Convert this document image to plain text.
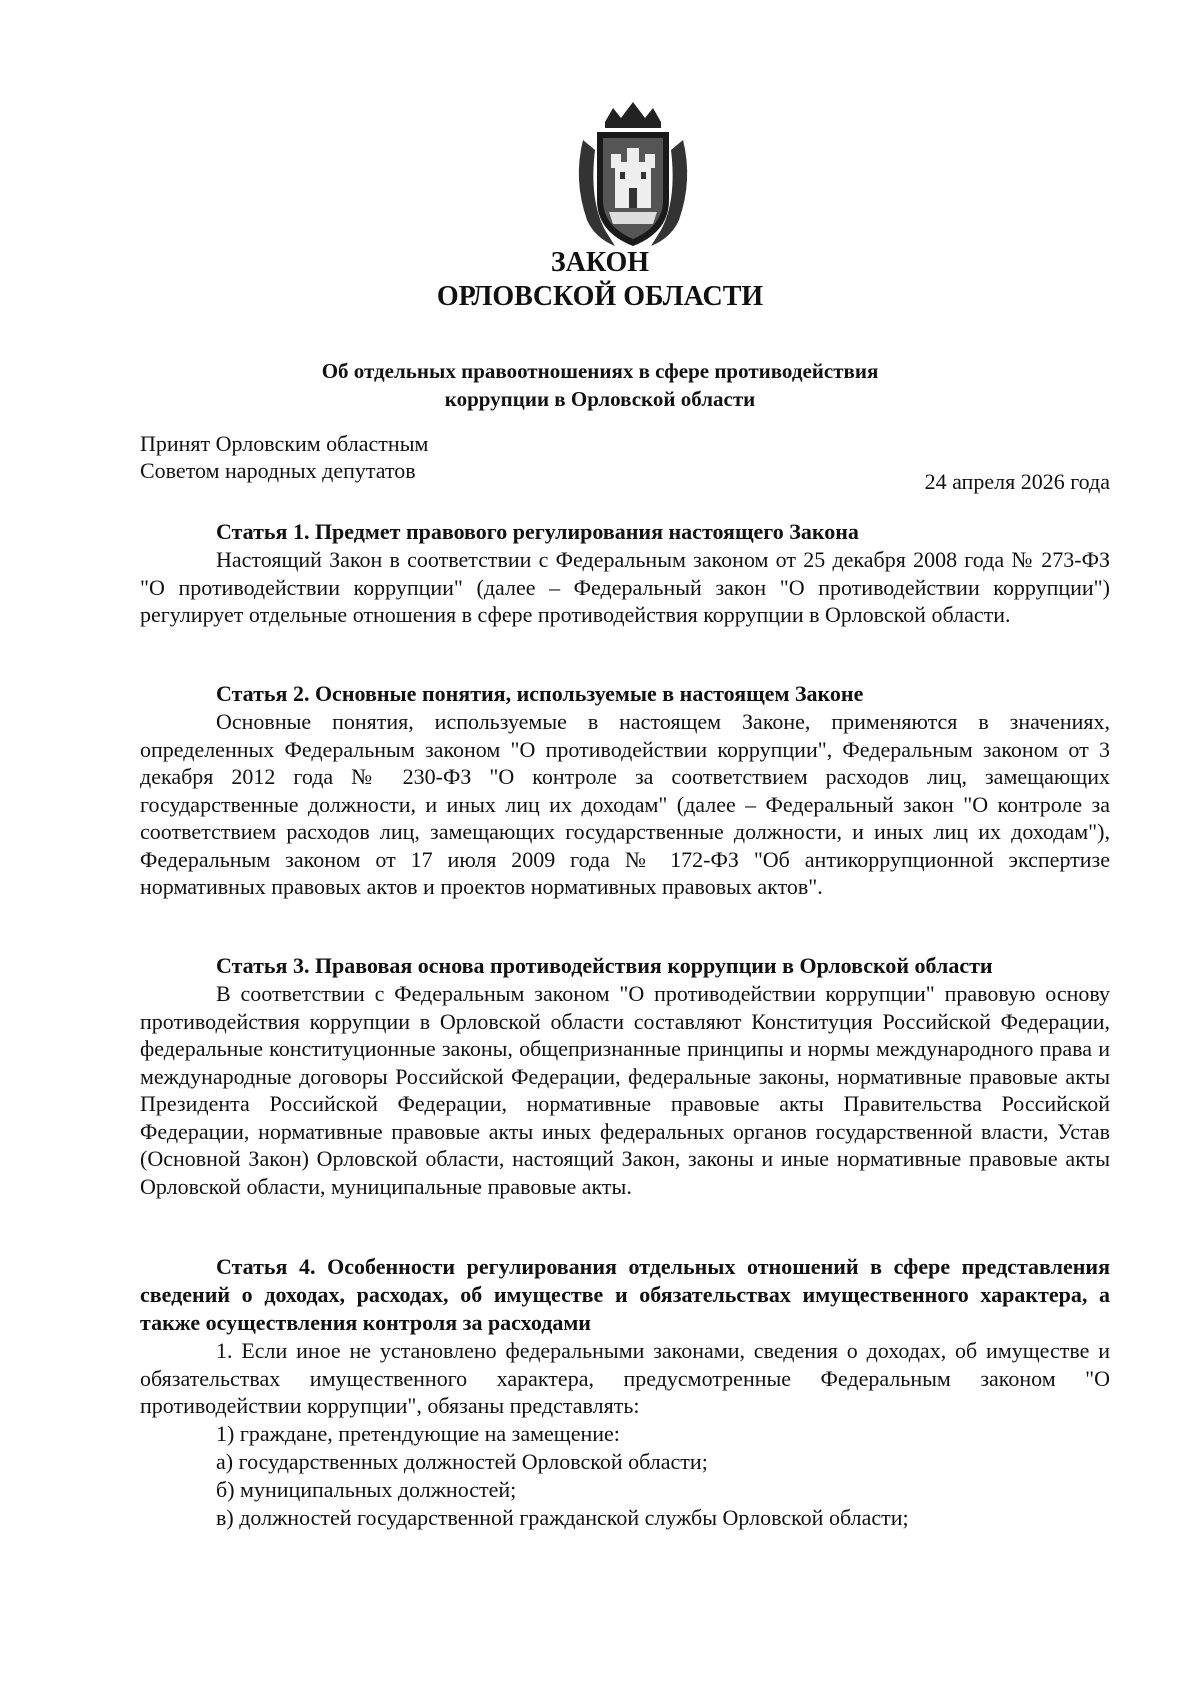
ЗАКОН
ОРЛОВСКОЙ ОБЛАСТИ
Об отдельных правоотношениях в сфере противодействия
коррупции в Орловской области
Принят Орловским областным
Советом народных депутатов	24 апреля 2026 года
Статья 1. Предмет правового регулирования настоящего Закона

Настоящий Закон в соответствии с Федеральным законом от 25 декабря 2008 года № 273-ФЗ "О противодействии коррупции" (далее – Федеральный закон "О противодействии коррупции") регулирует отдельные отношения в сфере противодействия коррупции в Орловской области.

Статья 2. Основные понятия, используемые в настоящем Законе

Основные понятия, используемые в настоящем Законе, применяются в значениях, определенных Федеральным законом "О противодействии коррупции", Федеральным законом от 3 декабря 2012 года № 230-ФЗ "О контроле за соответствием расходов лиц, замещающих государственные должности, и иных лиц их доходам" (далее – Федеральный закон "О контроле за соответствием расходов лиц, замещающих государственные должности, и иных лиц их доходам"), Федеральным законом от 17 июля 2009 года № 172-ФЗ "Об антикоррупционной экспертизе нормативных правовых актов и проектов нормативных правовых актов".

Статья 3. Правовая основа противодействия коррупции в Орловской области

В соответствии с Федеральным законом "О противодействии коррупции" правовую основу противодействия коррупции в Орловской области составляют Конституция Российской Федерации, федеральные конституционные законы, общепризнанные принципы и нормы международного права и международные договоры Российской Федерации, федеральные законы, нормативные правовые акты Президента Российской Федерации, нормативные правовые акты Правительства Российской Федерации, нормативные правовые акты иных федеральных органов государственной власти, Устав (Основной Закон) Орловской области, настоящий Закон, законы и иные нормативные правовые акты Орловской области, муниципальные правовые акты.

Статья 4. Особенности регулирования отдельных отношений в сфере представления сведений о доходах, расходах, об имуществе и обязательствах имущественного характера, а также осуществления контроля за расходами

1. Если иное не установлено федеральными законами, сведения о доходах, об имуществе и обязательствах имущественного характера, предусмотренные Федеральным законом "О противодействии коррупции", обязаны представлять:

1) граждане, претендующие на замещение:

а) государственных должностей Орловской области;

б) муниципальных должностей;

в) должностей государственной гражданской службы Орловской области;
